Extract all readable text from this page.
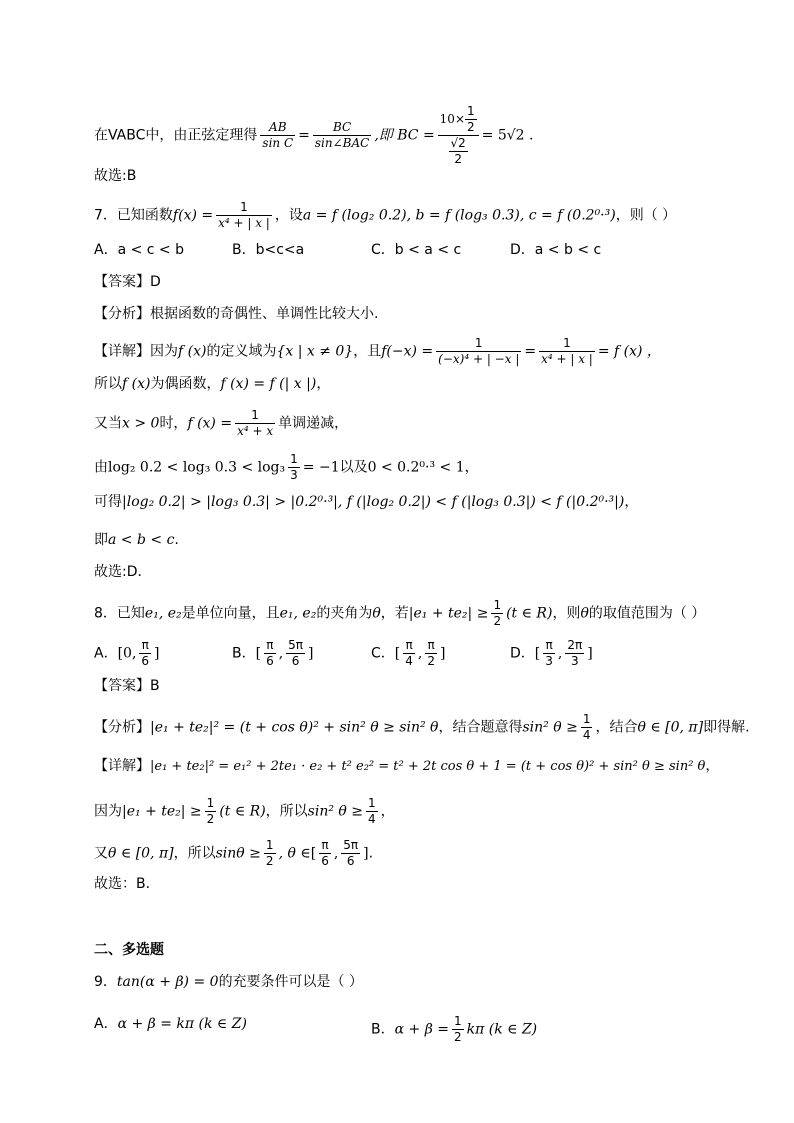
在VABC中，由正弦定理得 $\frac{AB}{\text{sin C}} = \frac{BC}{\text{sin∠BAC}}$ ,即 BC = $\frac{10\times \frac{1}{2}}{\frac{√2}{2}} = 5√2$ .
故选:B
7．已知函数$f(x) = \frac{1}{\text{x⁴ + | x |}}$ ，设a = f (log₂ 0.2), b = f (log₃ 0.3), c = f (0.2⁰·³)，则（ ）
A．a < c < b	B．b<c<a	C．b < a < c	D．a < b < c
【答案】D
【分析】根据函数的奇偶性、单调性比较大小.
【详解】因为f (x)的定义域为{x | x ≠ 0}，且$f(-x) = \frac{1}{\text{(−x)⁴ + | −x |}} = \frac{1}{\text{x⁴ + | x |}} = f$ (x) ，
所以f (x)为偶函数，f (x) = f (| x |)，
又当x > 0时，f $(x) = \frac{1}{\text{x⁴ + x}}$ 单调递减，
由log₂ 0.2 < log₃ $0.3 < \log_3 \frac{1}{3} = -1$以及0 < 0.2⁰·³ < 1，
可得|log₂ 0.2| > |log₃ 0.3| > |0.2⁰·³|, f (|log₂ 0.2|) < f (|log₃ 0.3|) < f (|0.2⁰·³|)，
即a < b < c.
故选:D．
8．已知e₁, e₂是单位向量，且e₁, e₂的夹角为θ，若$|e_1 + te_2| \ge \frac{1}{2} (t$ ∈ R)，则θ的取值范围为（ ）
A．[0, $\frac{\pi}{6}$ ]	B．[ $\frac{\pi}{6}$ , $\frac{5\pi}{6}$ ]	C．[ $\frac{\pi}{4}$ , $\frac{\pi}{2}$ ]	D．[ $\frac{\pi}{3}$ , $\frac{2\pi}{3}$ ]
【答案】B
【分析】|e₁ + te₂|² = (t + cos θ)² + sin² θ ≥ sin² θ，结合题意得sin² $\theta \ge \frac{1}{4}$ ，结合θ ∈ [0, π]即得解.
【详解】|e₁ + te₂|² = e₁² + 2te₁ · e₂ + t² e₂² = t² + 2t cos θ + 1 = (t + cos θ)² + sin² θ ≥ sin² θ，
因为$|e_1 + te_2| \ge \frac{1}{2} (t$ ∈ R)，所以sin² $\theta \ge \frac{1}{4}$ ，
又θ ∈ [0, π]，所以$\sin\theta \ge \frac{1}{2}$ , θ ∈[ $\frac{\pi}{6}$ , $\frac{5\pi}{6}$ ].
故选：B．
二、多选题
9．tan(α + β) = 0的充要条件可以是（ ）
A．α + β = kπ (k ∈ Z)	B．$\alpha + \beta = \frac{1}{2}$ kπ (k ∈ Z)
